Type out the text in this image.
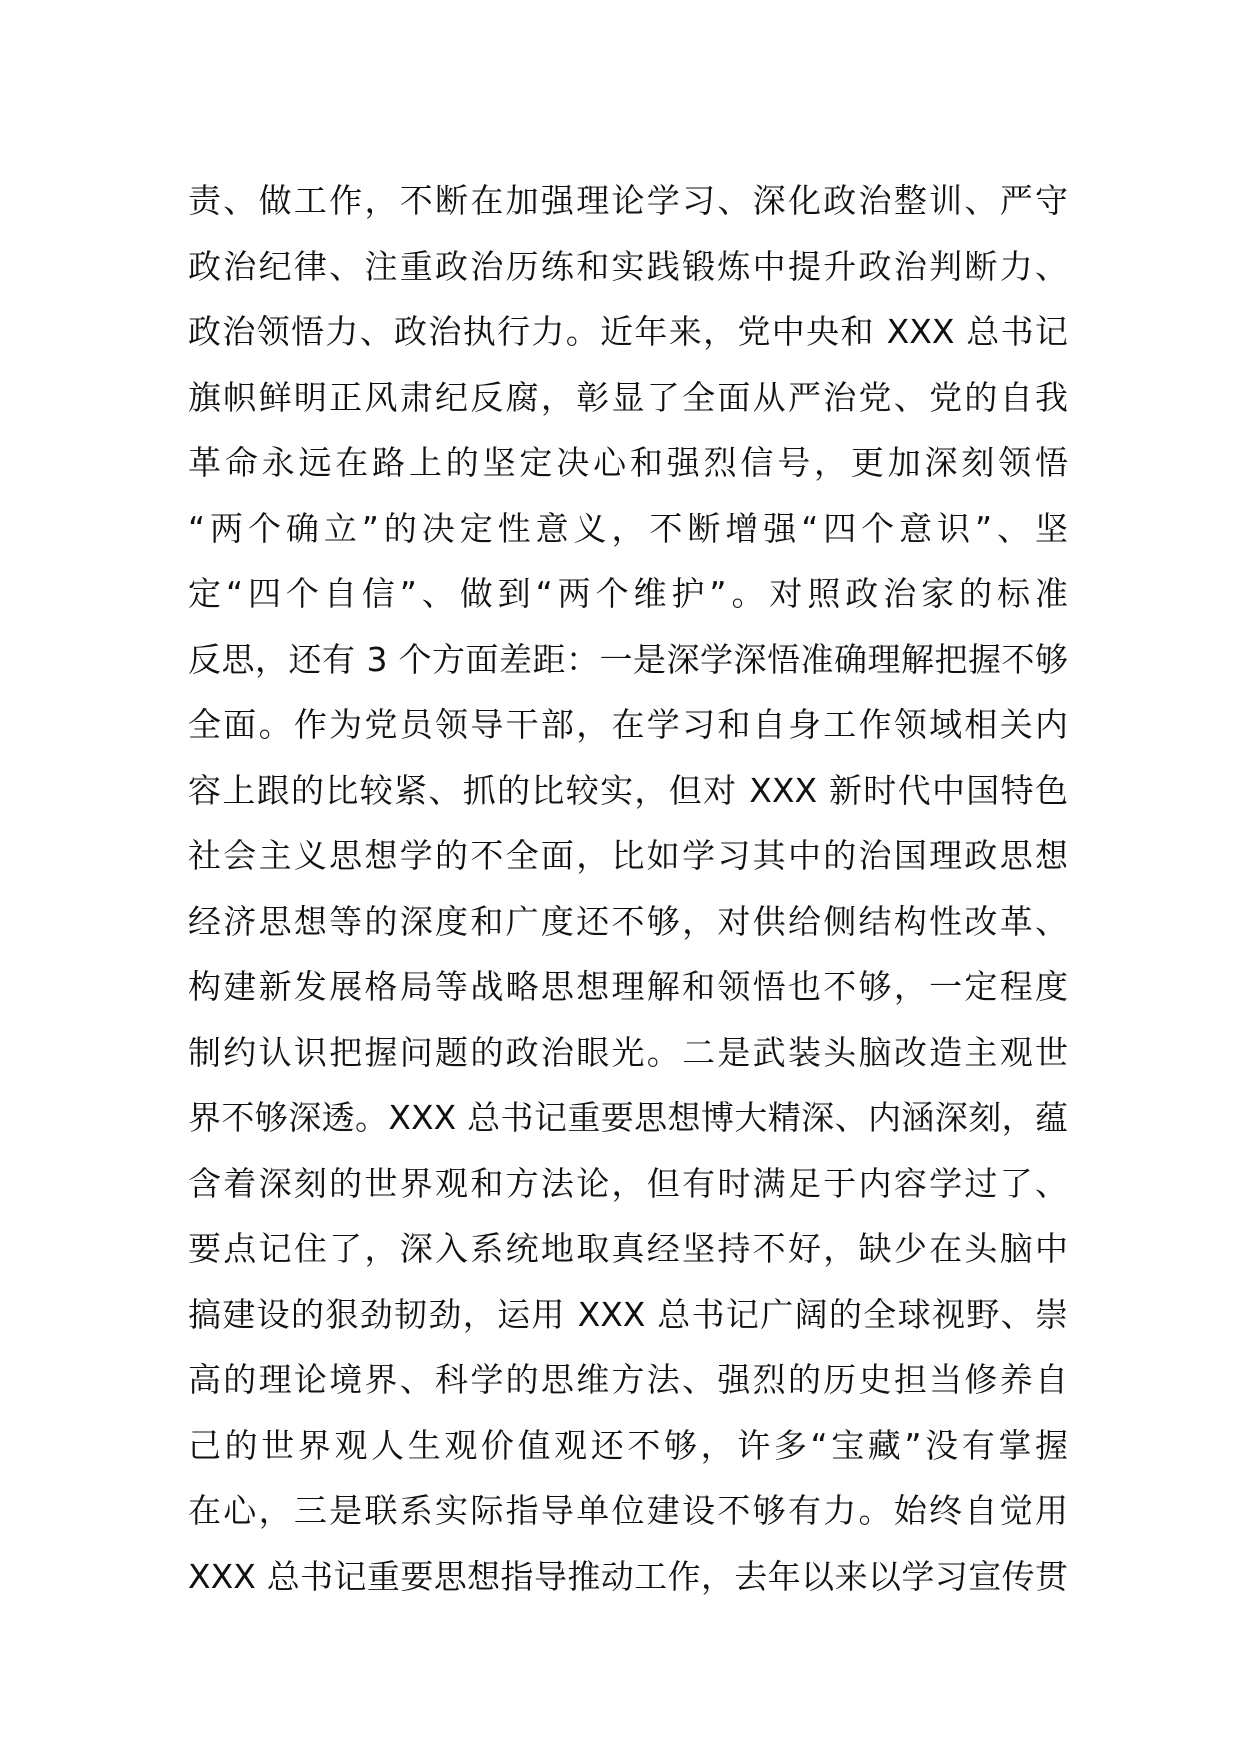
责、做工作，不断在加强理论学习、深化政治整训、严守
政治纪律、注重政治历练和实践锻炼中提升政治判断力、
政治领悟力、政治执行力。近年来，党中央和 XXX 总书记
旗帜鲜明正风肃纪反腐，彰显了全面从严治党、党的自我
革命永远在路上的坚定决心和强烈信号，更加深刻领悟
“两个确立”的决定性意义，不断增强“四个意识”、坚
定“四个自信”、做到“两个维护”。对照政治家的标准
反思，还有 3 个方面差距：一是深学深悟准确理解把握不够
全面。作为党员领导干部，在学习和自身工作领域相关内
容上跟的比较紧、抓的比较实，但对 XXX 新时代中国特色
社会主义思想学的不全面，比如学习其中的治国理政思想
经济思想等的深度和广度还不够，对供给侧结构性改革、
构建新发展格局等战略思想理解和领悟也不够，一定程度
制约认识把握问题的政治眼光。二是武装头脑改造主观世
界不够深透。XXX 总书记重要思想博大精深、内涵深刻，蕴
含着深刻的世界观和方法论，但有时满足于内容学过了、
要点记住了，深入系统地取真经坚持不好，缺少在头脑中
搞建设的狠劲韧劲，运用 XXX 总书记广阔的全球视野、崇
高的理论境界、科学的思维方法、强烈的历史担当修养自
己的世界观人生观价值观还不够，许多“宝藏”没有掌握
在心，三是联系实际指导单位建设不够有力。始终自觉用
XXX 总书记重要思想指导推动工作，去年以来以学习宣传贯
